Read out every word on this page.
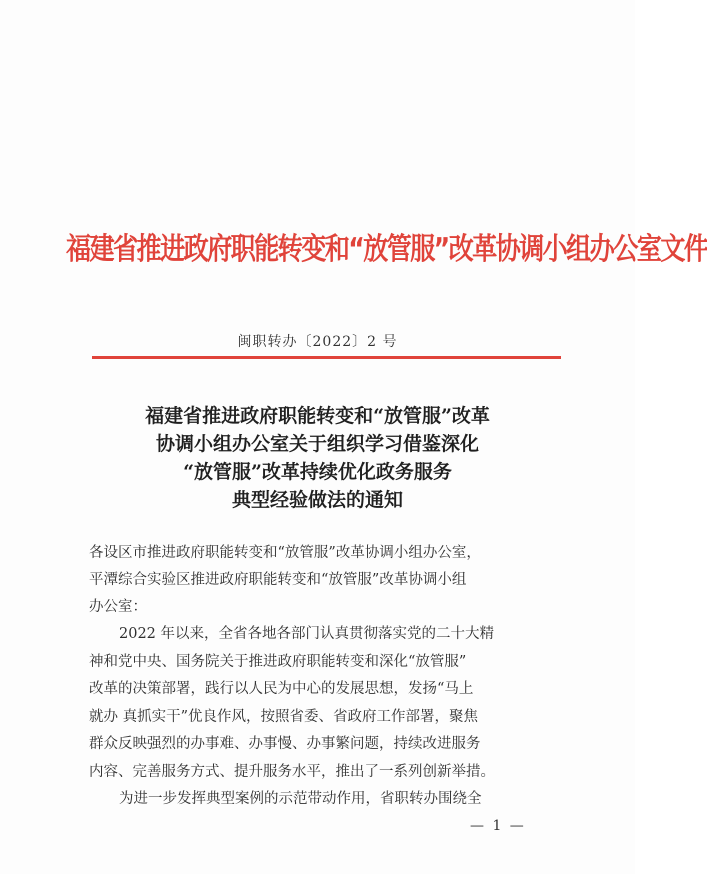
福建省推进政府职能转变和“放管服”改革协调小组办公室文件
闽职转办〔2022〕2 号
福建省推进政府职能转变和“放管服”改革
协调小组办公室关于组织学习借鉴深化
“放管服”改革持续优化政务服务
典型经验做法的通知
各设区市推进政府职能转变和“放管服”改革协调小组办公室，
平潭综合实验区推进政府职能转变和“放管服”改革协调小组
办公室：
2022 年以来，全省各地各部门认真贯彻落实党的二十大精
神和党中央、国务院关于推进政府职能转变和深化“放管服”
改革的决策部署，践行以人民为中心的发展思想，发扬“马上
就办 真抓实干”优良作风，按照省委、省政府工作部署，聚焦
群众反映强烈的办事难、办事慢、办事繁问题，持续改进服务
内容、完善服务方式、提升服务水平，推出了一系列创新举措。
为进一步发挥典型案例的示范带动作用，省职转办围绕全
— 1 —
